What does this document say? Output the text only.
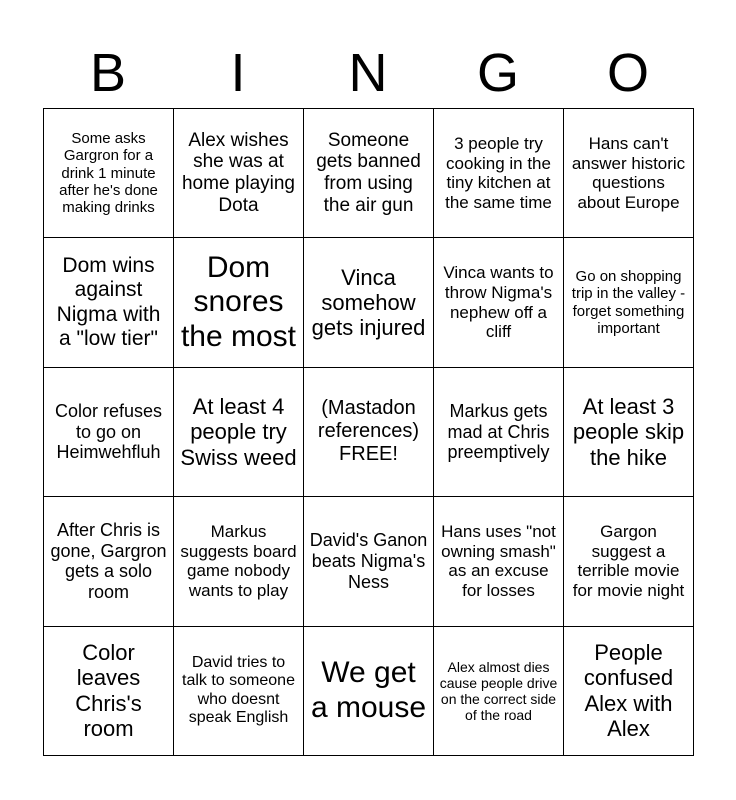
B	I	N	G	O
Some asks Gargron for a drink 1 minute after he's done making drinks	Alex wishes she was at home playing Dota	Someone gets banned from using the air gun	3 people try cooking in the tiny kitchen at the same time	Hans can't answer historic questions about Europe
Dom wins against Nigma with a "low tier"	Dom snores the most	Vinca somehow gets injured	Vinca wants to throw Nigma's nephew off a cliff	Go on shopping trip in the valley - forget something important
Color refuses to go on Heimwehfluh	At least 4 people try Swiss weed	(Mastadon references) FREE!	Markus gets mad at Chris preemptively	At least 3 people skip the hike
After Chris is gone, Gargron gets a solo room	Markus suggests board game nobody wants to play	David's Ganon beats Nigma's Ness	Hans uses "not owning smash" as an excuse for losses	Gargon suggest a terrible movie for movie night
Color leaves Chris's room	David tries to talk to someone who doesnt speak English	We get a mouse	Alex almost dies cause people drive on the correct side of the road	People confused Alex with Alex
